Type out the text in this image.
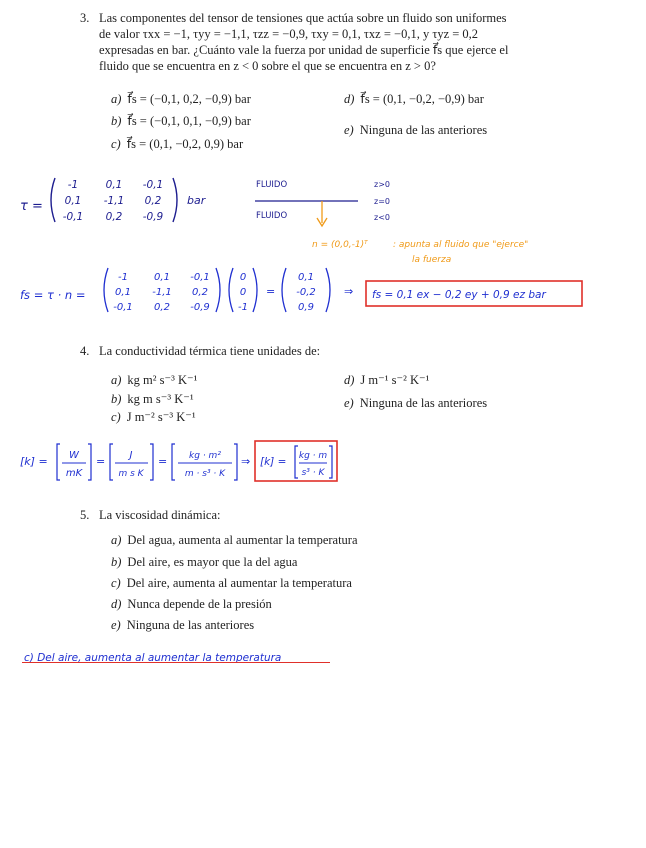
3. Las componentes del tensor de tensiones que actúa sobre un fluido son uniformes
de valor τxx = −1, τyy = −1,1, τzz = −0,9, τxy = 0,1, τxz = −0,1, y τyz = 0,2
expresadas en bar. ¿Cuánto vale la fuerza por unidad de superficie f⃗s que ejerce el
fluido que se encuentra en z < 0 sobre el que se encuentra en z > 0?
a) f⃗s = (−0,1, 0,2, −0,9) bar
b) f⃗s = (−0,1, 0,1, −0,9) bar
c) f⃗s = (0,1, −0,2, 0,9) bar
d) f⃗s = (0,1, −0,2, −0,9) bar
e) Ninguna de las anteriores
τ =
-1	0,1 -0,1
0,1 -1,1 0,2
-0,1 0,2 -0,9
bar
FLUIDO
FLUIDO
z>0
z=0
z<0
n = (0,0,-1)ᵀ	: apunta al fluido que "ejerce"
la fuerza
fs = τ · n =
-1	0,1 -0,1
0,1 -1,1 0,2
-0,1 0,2 -0,9
0
0
-1
=
0,1
-0,2
0,9
⇒ fs = 0,1 ex − 0,2 ey + 0,9 ez bar
4. La conductividad térmica tiene unidades de:
a) kg m² s⁻³ K⁻¹
b) kg m s⁻³ K⁻¹
c) J m⁻² s⁻³ K⁻¹
d) J m⁻¹ s⁻² K⁻¹
e) Ninguna de las anteriores
[k] = W
mK
= J
m s K
= kg · m²
m · s³ · K
⇒ [k] = kg · m
s³ · K
5. La viscosidad dinámica:
a) Del agua, aumenta al aumentar la temperatura
b) Del aire, es mayor que la del agua
c) Del aire, aumenta al aumentar la temperatura
d) Nunca depende de la presión
e) Ninguna de las anteriores
c) Del aire, aumenta al aumentar la temperatura
